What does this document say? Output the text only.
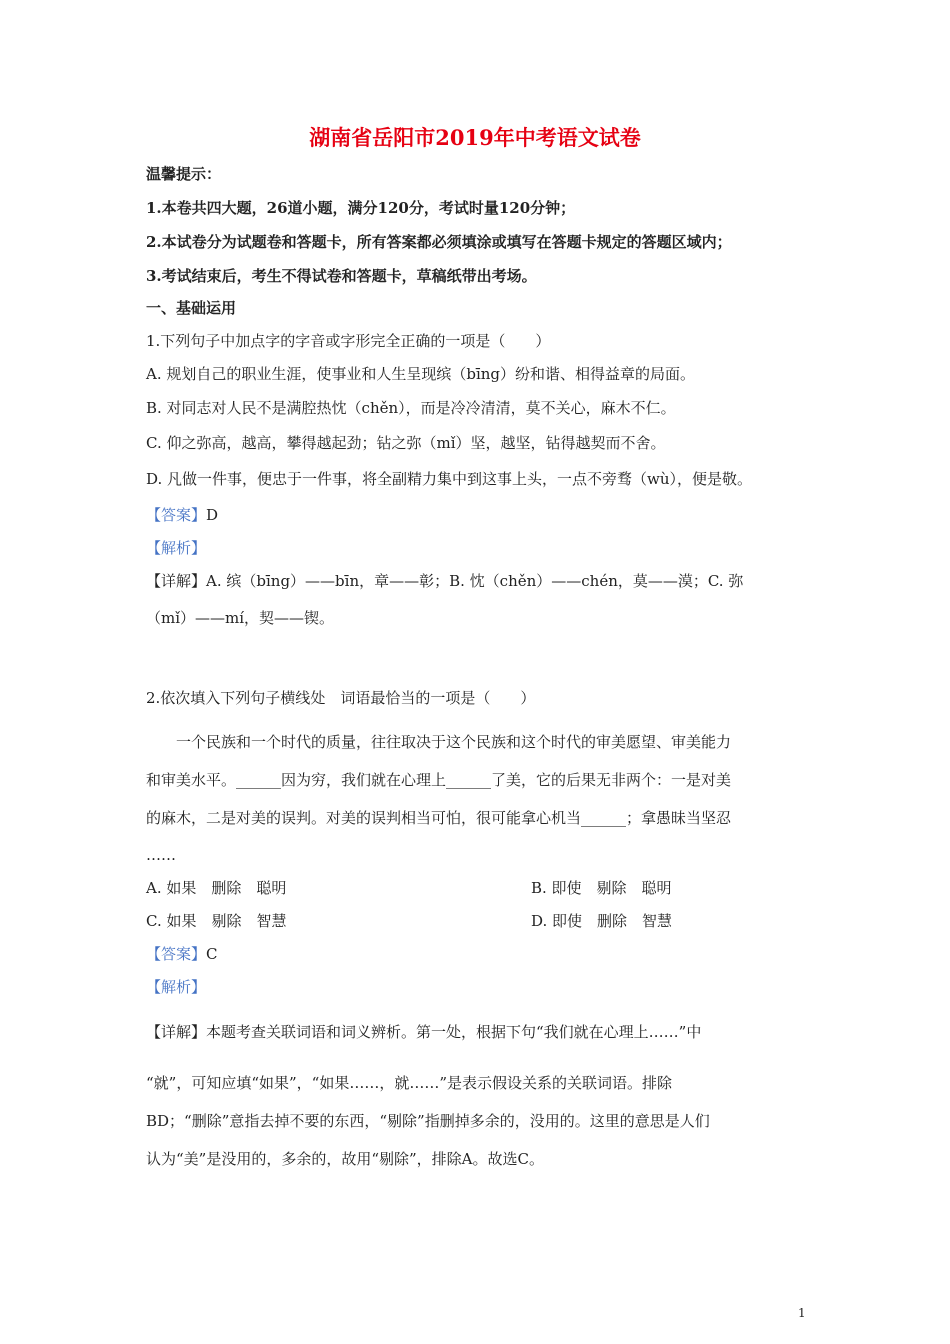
湖南省岳阳市2019年中考语文试卷
温馨提示：
1.本卷共四大题，26道小题，满分120分，考试时量120分钟；
2.本试卷分为试题卷和答题卡，所有答案都必须填涂或填写在答题卡规定的答题区域内；
3.考试结束后，考生不得试卷和答题卡，草稿纸带出考场。
一、基础运用
1.下列句子中加点字的字音或字形完全正确的一项是（　　）
A. 规划自己的职业生涯，使事业和人生呈现缤（bīng）纷和谐、相得益章的局面。
B. 对同志对人民不是满腔热忱（chěn），而是冷冷清清，莫不关心，麻木不仁。
C. 仰之弥高，越高，攀得越起劲；钻之弥（mǐ）坚，越坚，钻得越契而不舍。
D. 凡做一件事，便忠于一件事，将全副精力集中到这事上头，一点不旁骛（wù），便是敬。
【答案】D
【解析】
【详解】A. 缤（bīng）——bīn，章——彰；B. 忱（chěn）——chén，莫——漠；C. 弥
（mǐ）——mí，契——锲。
2.依次填入下列句子横线处　词语最恰当的一项是（　　）
一个民族和一个时代的质量，往往取决于这个民族和这个时代的审美愿望、审美能力
和审美水平。______因为穷，我们就在心理上______了美，它的后果无非两个：一是对美
的麻木，二是对美的误判。对美的误判相当可怕，很可能拿心机当______；拿愚昧当坚忍
……
A. 如果　删除　聪明	B. 即使　剔除　聪明
C. 如果　剔除　智慧	D. 即使　删除　智慧
【答案】C
【解析】
【详解】本题考查关联词语和词义辨析。第一处，根据下句“我们就在心理上……”中
“就”，可知应填“如果”，“如果……，就……”是表示假设关系的关联词语。排除
BD；“删除”意指去掉不要的东西，“剔除”指删掉多余的，没用的。这里的意思是人们
认为“美”是没用的，多余的，故用“剔除”，排除A。故选C。
1
